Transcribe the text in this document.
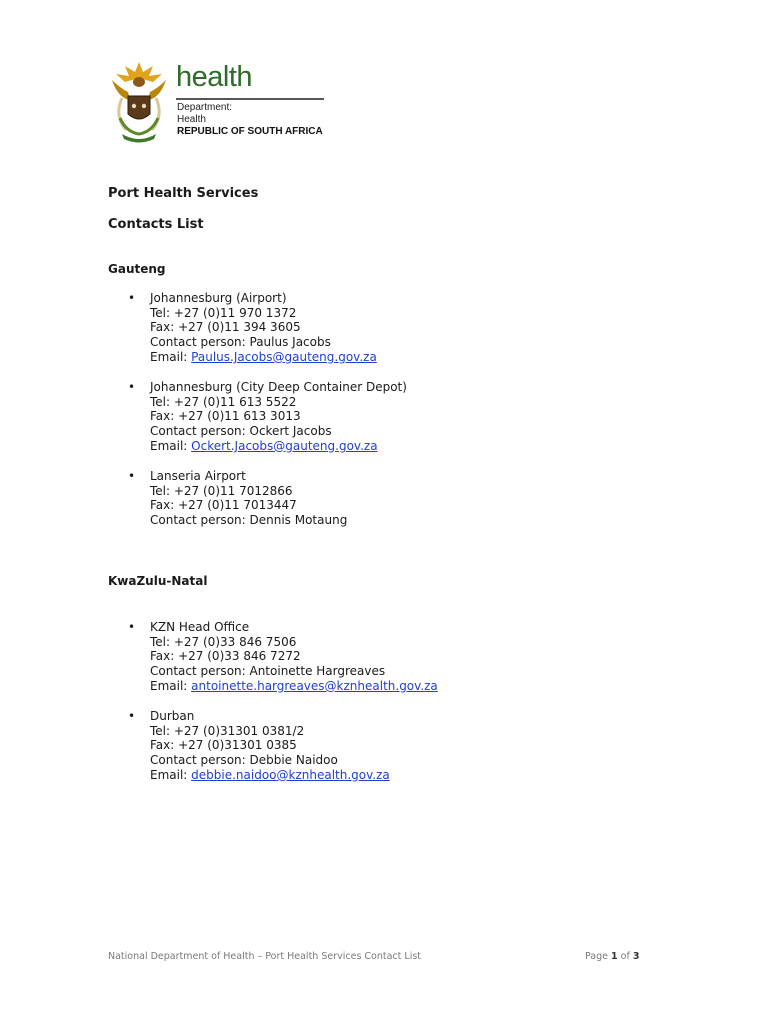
health
Department:
Health
REPUBLIC OF SOUTH AFRICA
Port Health Services
Contacts List
Gauteng
• Johannesburg (Airport)
Tel: +27 (0)11 970 1372
Fax: +27 (0)11 394 3605
Contact person: Paulus Jacobs
Email: Paulus.Jacobs@gauteng.gov.za
• Johannesburg (City Deep Container Depot)
Tel: +27 (0)11 613 5522
Fax: +27 (0)11 613 3013
Contact person: Ockert Jacobs
Email: Ockert.Jacobs@gauteng.gov.za
• Lanseria Airport
Tel: +27 (0)11 7012866
Fax: +27 (0)11 7013447
Contact person: Dennis Motaung
KwaZulu-Natal
• KZN Head Office
Tel: +27 (0)33 846 7506
Fax: +27 (0)33 846 7272
Contact person: Antoinette Hargreaves
Email: antoinette.hargreaves@kznhealth.gov.za
• Durban
Tel: +27 (0)31301 0381/2
Fax: +27 (0)31301 0385
Contact person: Debbie Naidoo
Email: debbie.naidoo@kznhealth.gov.za
National Department of Health – Port Health Services Contact List	Page 1 of 3
